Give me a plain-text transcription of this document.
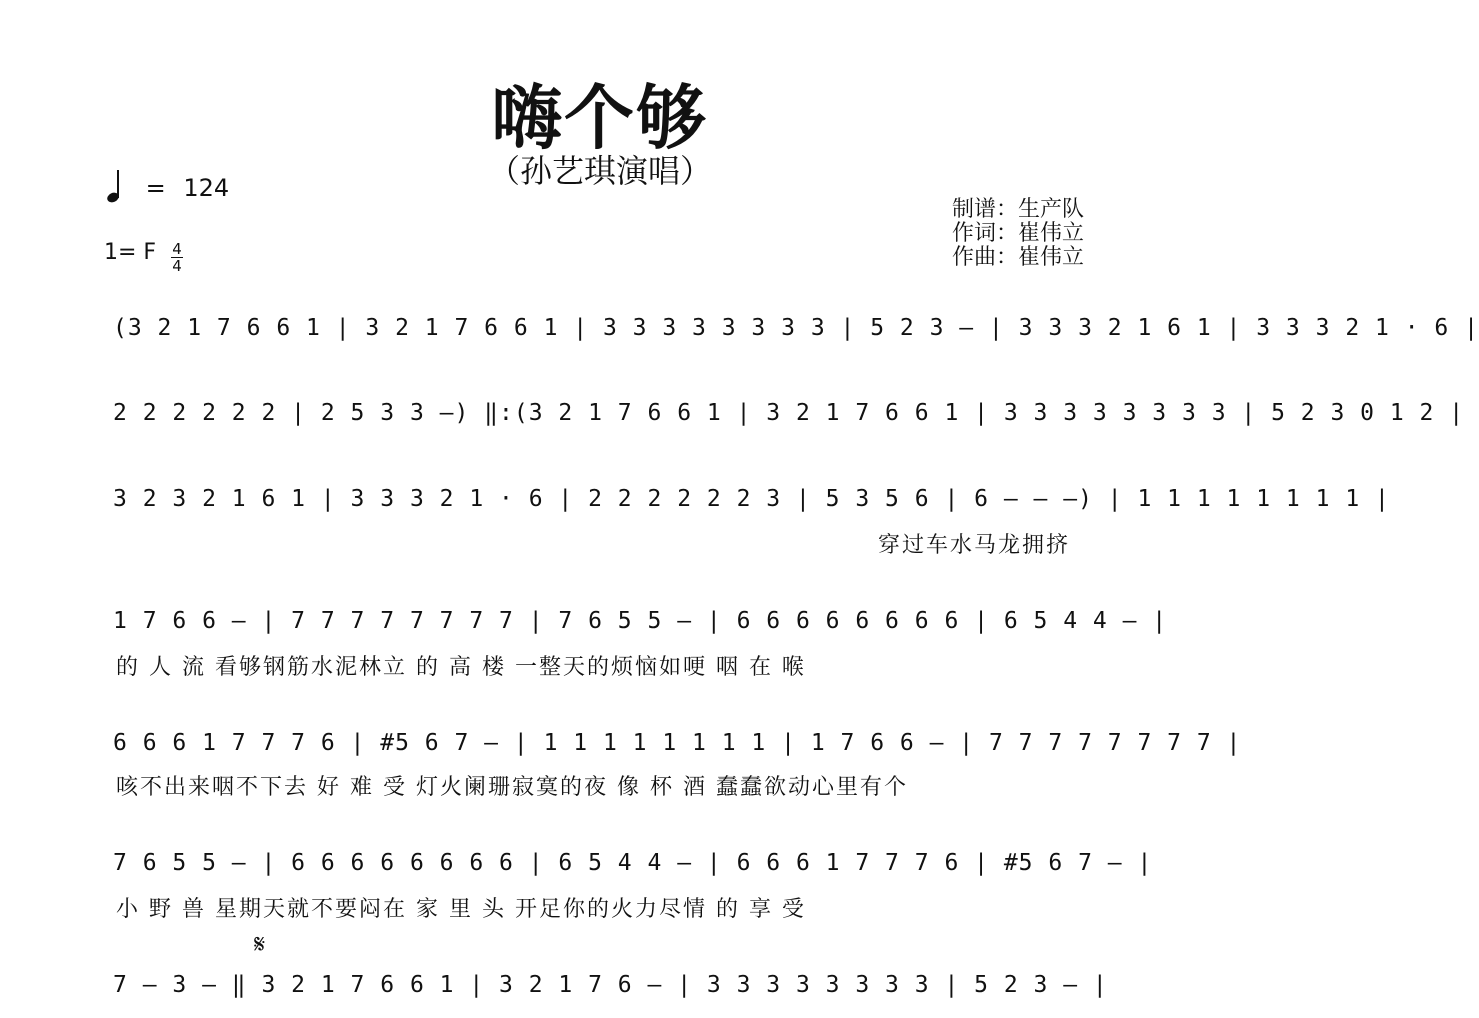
嗨个够
（孙艺琪演唱）
= 124
1= F $\frac{4}{4}$
制谱：生产队
作词：崔伟立
作曲：崔伟立
(3 2 1 7 6 6 1 | 3 2 1 7 6 6 1 | 3 3 3 3 3 3 3 3 | 5 2 3 — | 3 3 3 2 1 6 1 | 3 3 3 2 1 · 6 |
2 2 2 2 2 2 | 2 5 3 3 —) ‖:(3 2 1 7 6 6 1 | 3 2 1 7 6 6 1 | 3 3 3 3 3 3 3 3 | 5 2 3 0 1 2 |
3 2 3 2 1 6 1 | 3 3 3 2 1 · 6 | 2 2 2 2 2 2 3 | 5 3 5 6 | 6 — — —) | 1 1 1 1 1 1 1 1 |
穿过车水马龙拥挤
1 7 6 6 — | 7 7 7 7 7 7 7 7 | 7 6 5 5 — | 6 6 6 6 6 6 6 6 | 6 5 4 4 — |
的 人 流 看够钢筋水泥林立 的 高 楼 一整天的烦恼如哽 咽 在 喉
6 6 6 1 7 7 7 6 | #5 6 7 — | 1 1 1 1 1 1 1 1 | 1 7 6 6 — | 7 7 7 7 7 7 7 7 |
咳不出来咽不下去 好 难 受 灯火阑珊寂寞的夜 像 杯 酒 蠢蠢欲动心里有个
7 6 5 5 — | 6 6 6 6 6 6 6 6 | 6 5 4 4 — | 6 6 6 1 7 7 7 6 | #5 6 7 — |
小 野 兽 星期天就不要闷在 家 里 头 开足你的火力尽情 的 享 受
𝄋
7 — 3 — ‖ 3 2 1 7 6 6 1 | 3 2 1 7 6 — | 3 3 3 3 3 3 3 3 | 5 2 3 — |
